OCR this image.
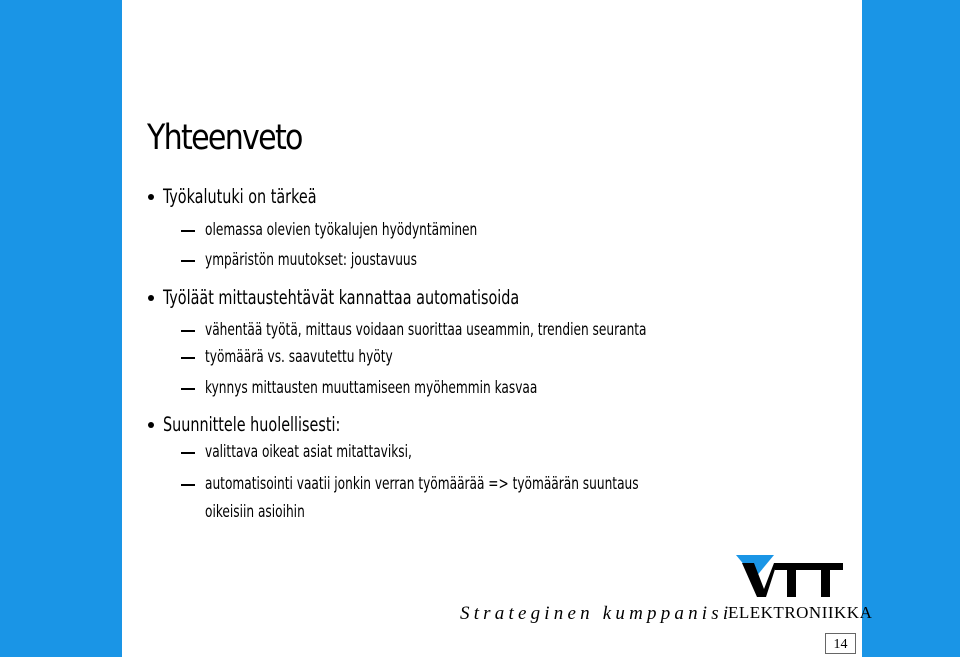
Yhteenveto
Työkalutuki on tärkeä
olemassa olevien työkalujen hyödyntäminen
ympäristön muutokset: joustavuus
Työläät mittaustehtävät kannattaa automatisoida
vähentää työtä, mittaus voidaan suorittaa useammin, trendien seuranta
työmäärä vs. saavutettu hyöty
kynnys mittausten muuttamiseen myöhemmin kasvaa
Suunnittele huolellisesti:
valittava oikeat asiat mitattaviksi,
automatisointi vaatii jonkin verran työmäärää => työmäärän suuntaus
oikeisiin asioihin
Strateginen kumppanisi
ELEKTRONIIKKA
14
